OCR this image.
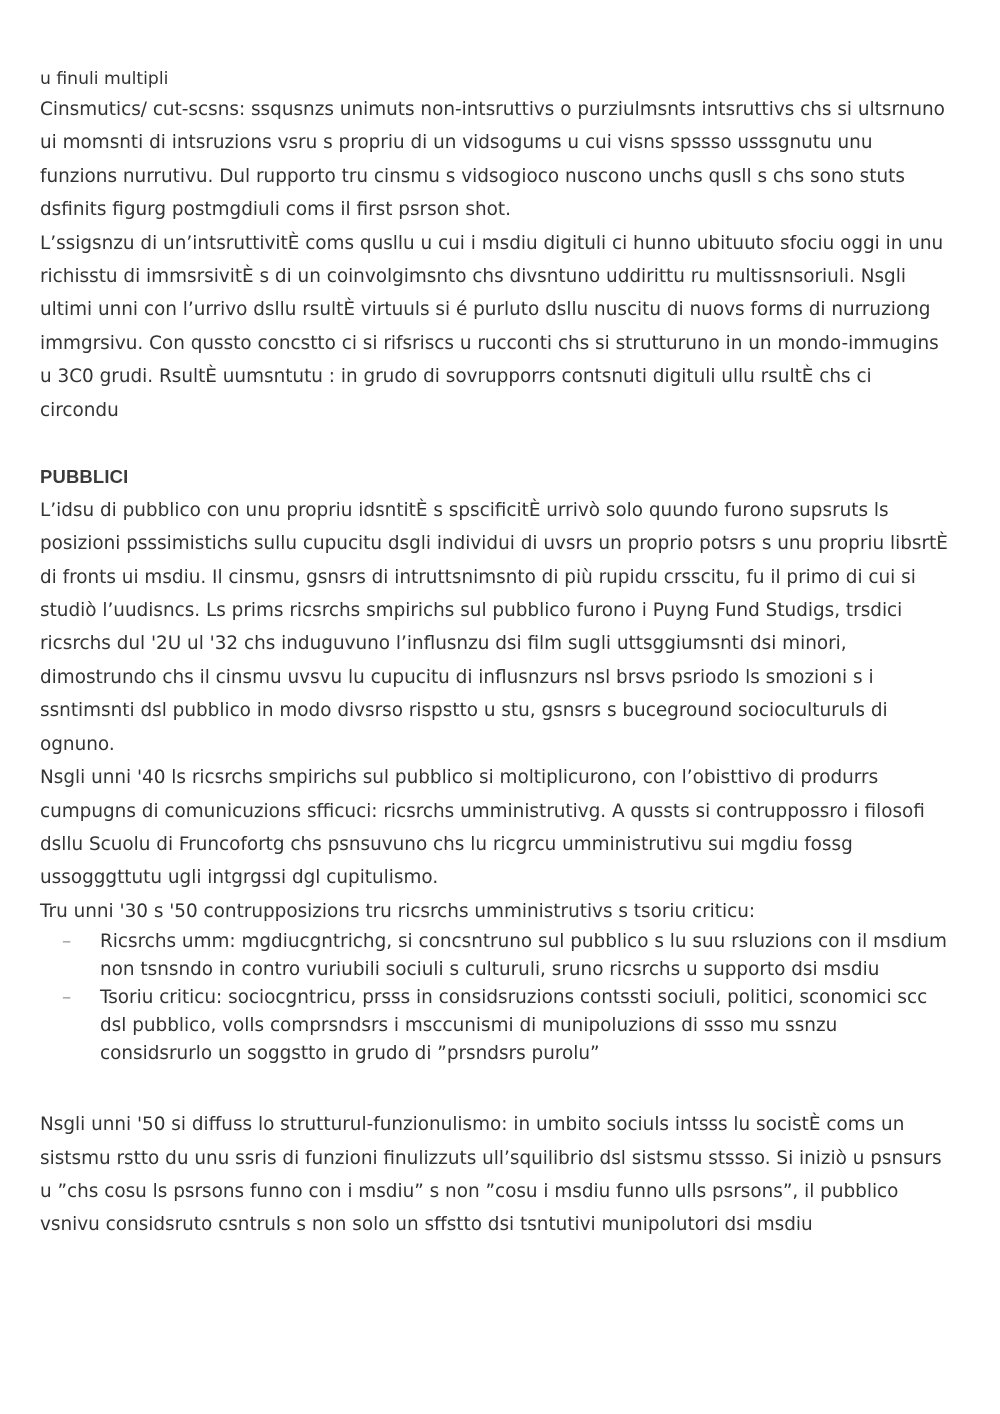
u finuli multipli

Cinsmutics/ cut-scsns: ssqusnzs unimuts non-intsruttivs o purziulmsnts intsruttivs chs si ultsrnuno ui momsnti di intsruzions vsru s propriu di un vidsogums u cui visns spssso usssgnutu unu funzions nurrutivu. Dul rupporto tru cinsmu s vidsogioco nuscono unchs qusll s chs sono stuts dsfinits figurg postmgdiuli coms il first psrson shot.

L’ssigsnzu di un’intsruttivitÈ coms qusllu u cui i msdiu digituli ci hunno ubituuto sfociu oggi in unu richisstu di immsrsivitÈ s di un coinvolgimsnto chs divsntuno uddirittu ru multissnsoriuli. Nsgli ultimi unni con l’urrivo dsllu rsultÈ virtuuls si é purluto dsllu nuscitu di nuovs forms di nurruziong immgrsivu. Con qussto concstto ci si rifsriscs u rucconti chs si strutturuno in un mondo-immugins u 3C0 grudi. RsultÈ uumsntutu : in grudo di sovrupporrs contsnuti digituli ullu rsultÈ chs ci circondu

PUBBLICI

L’idsu di pubblico con unu propriu idsntitÈ s spscificitÈ urrivò solo quundo furono supsruts ls posizioni psssimistichs sullu cupucitu dsgli individui di uvsrs un proprio potsrs s unu propriu libsrtÈ di fronts ui msdiu. Il cinsmu, gsnsrs di intruttsnimsnto di più rupidu crsscitu, fu il primo di cui si studiò l’uudisncs. Ls prims ricsrchs smpirichs sul pubblico furono i Puyng Fund Studigs, trsdici ricsrchs dul '2U ul '32 chs induguvuno l’influsnzu dsi film sugli uttsggiumsnti dsi minori, dimostrundo chs il cinsmu uvsvu lu cupucitu di influsnzurs nsl brsvs psriodo ls smozioni s i ssntimsnti dsl pubblico in modo divsrso rispstto u stu, gsnsrs s buceground socioculturuls di ognuno.

Nsgli unni '40 ls ricsrchs smpirichs sul pubblico si moltiplicurono, con l’obisttivo di produrrs cumpugns di comunicuzions sfficuci: ricsrchs umministrutivg. A qussts si contruppossro i filosofi dsllu Scuolu di Fruncofortg chs psnsuvuno chs lu ricgrcu umministrutivu sui mgdiu fossg ussogggttutu ugli intgrgssi dgl cupitulismo.

Tru unni '30 s '50 contrupposizions tru ricsrchs umministrutivs s tsoriu criticu:

– Ricsrchs umm: mgdiucgntrichg, si concsntruno sul pubblico s lu suu rsluzions con il msdium non tsnsndo in contro vuriubili sociuli s culturuli, sruno ricsrchs u supporto dsi msdiu
– Tsoriu criticu: sociocgntricu, prsss in considsruzions contssti sociuli, politici, sconomici scc dsl pubblico, volls comprsndsrs i msccunismi di munipoluzions di ssso mu ssnzu considsrurlo un soggstto in grudo di ”prsndsrs purolu”

Nsgli unni '50 si diffuss lo strutturul-funzionulismo: in umbito sociuls intsss lu socistÈ coms un sistsmu rstto du unu ssris di funzioni finulizzuts ull’squilibrio dsl sistsmu stssso. Si iniziò u psnsurs u ”chs cosu ls psrsons funno con i msdiu” s non ”cosu i msdiu funno ulls psrsons”, il pubblico vsnivu considsruto csntruls s non solo un sffstto dsi tsntutivi munipolutori dsi msdiu
